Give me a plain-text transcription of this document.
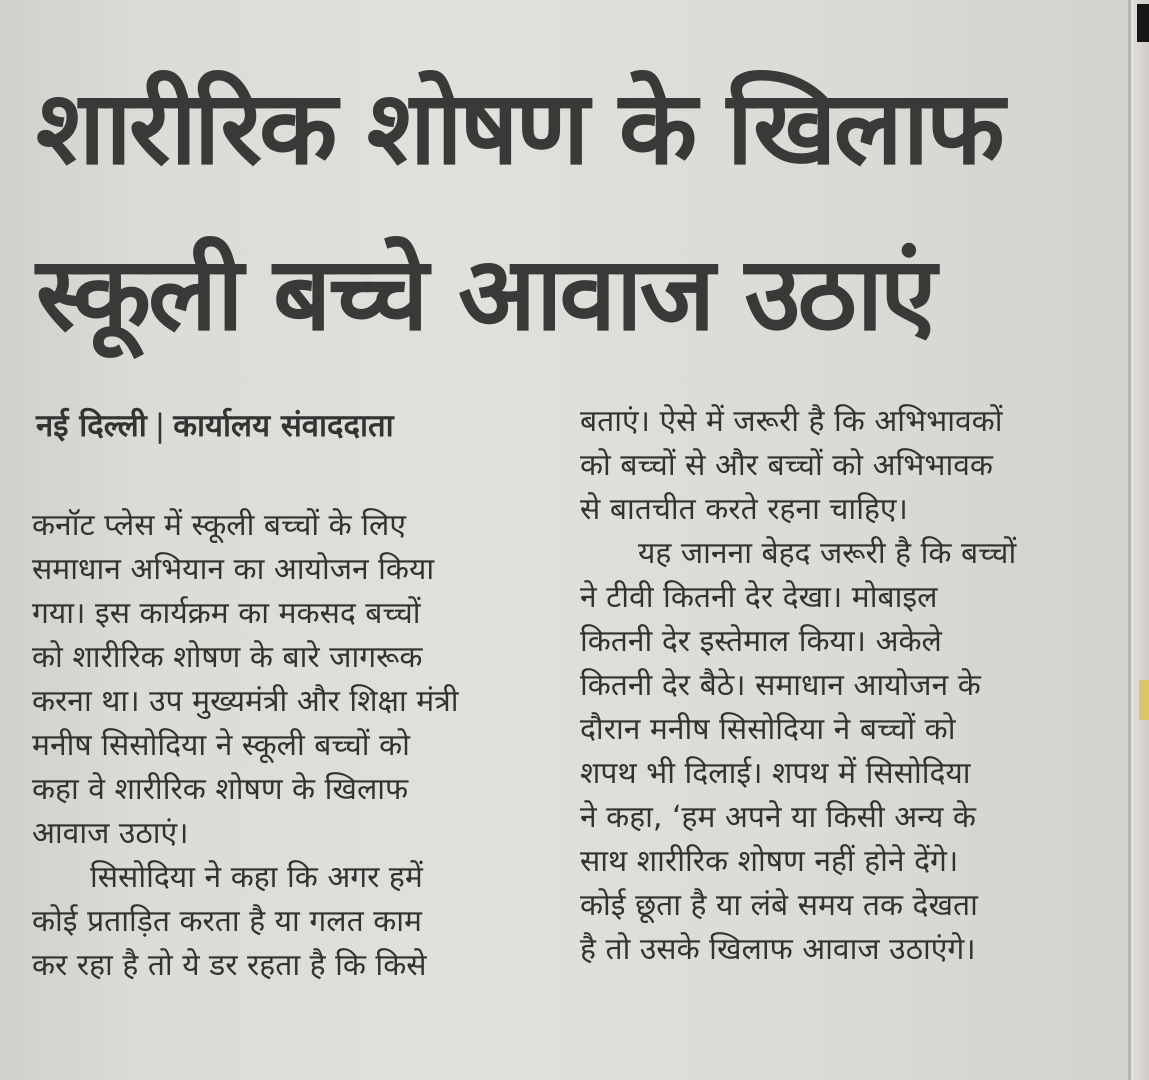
शारीरिक शोषण के खिलाफ
स्कूली बच्चे आवाज उठाएं
नई दिल्ली | कार्यालय संवाददाता
कनॉट प्लेस में स्कूली बच्चों के लिए
समाधान अभियान का आयोजन किया
गया। इस कार्यक्रम का मकसद बच्चों
को शारीरिक शोषण के बारे जागरूक
करना था। उप मुख्यमंत्री और शिक्षा मंत्री
मनीष सिसोदिया ने स्कूली बच्चों को
कहा वे शारीरिक शोषण के खिलाफ
आवाज उठाएं।
सिसोदिया ने कहा कि अगर हमें
कोई प्रताड़ित करता है या गलत काम
कर रहा है तो ये डर रहता है कि किसे
बताएं। ऐसे में जरूरी है कि अभिभावकों
को बच्चों से और बच्चों को अभिभावक
से बातचीत करते रहना चाहिए।
यह जानना बेहद जरूरी है कि बच्चों
ने टीवी कितनी देर देखा। मोबाइल
कितनी देर इस्तेमाल किया। अकेले
कितनी देर बैठे। समाधान आयोजन के
दौरान मनीष सिसोदिया ने बच्चों को
शपथ भी दिलाई। शपथ में सिसोदिया
ने कहा, ‘हम अपने या किसी अन्य के
साथ शारीरिक शोषण नहीं होने देंगे।
कोई छूता है या लंबे समय तक देखता
है तो उसके खिलाफ आवाज उठाएंगे।
